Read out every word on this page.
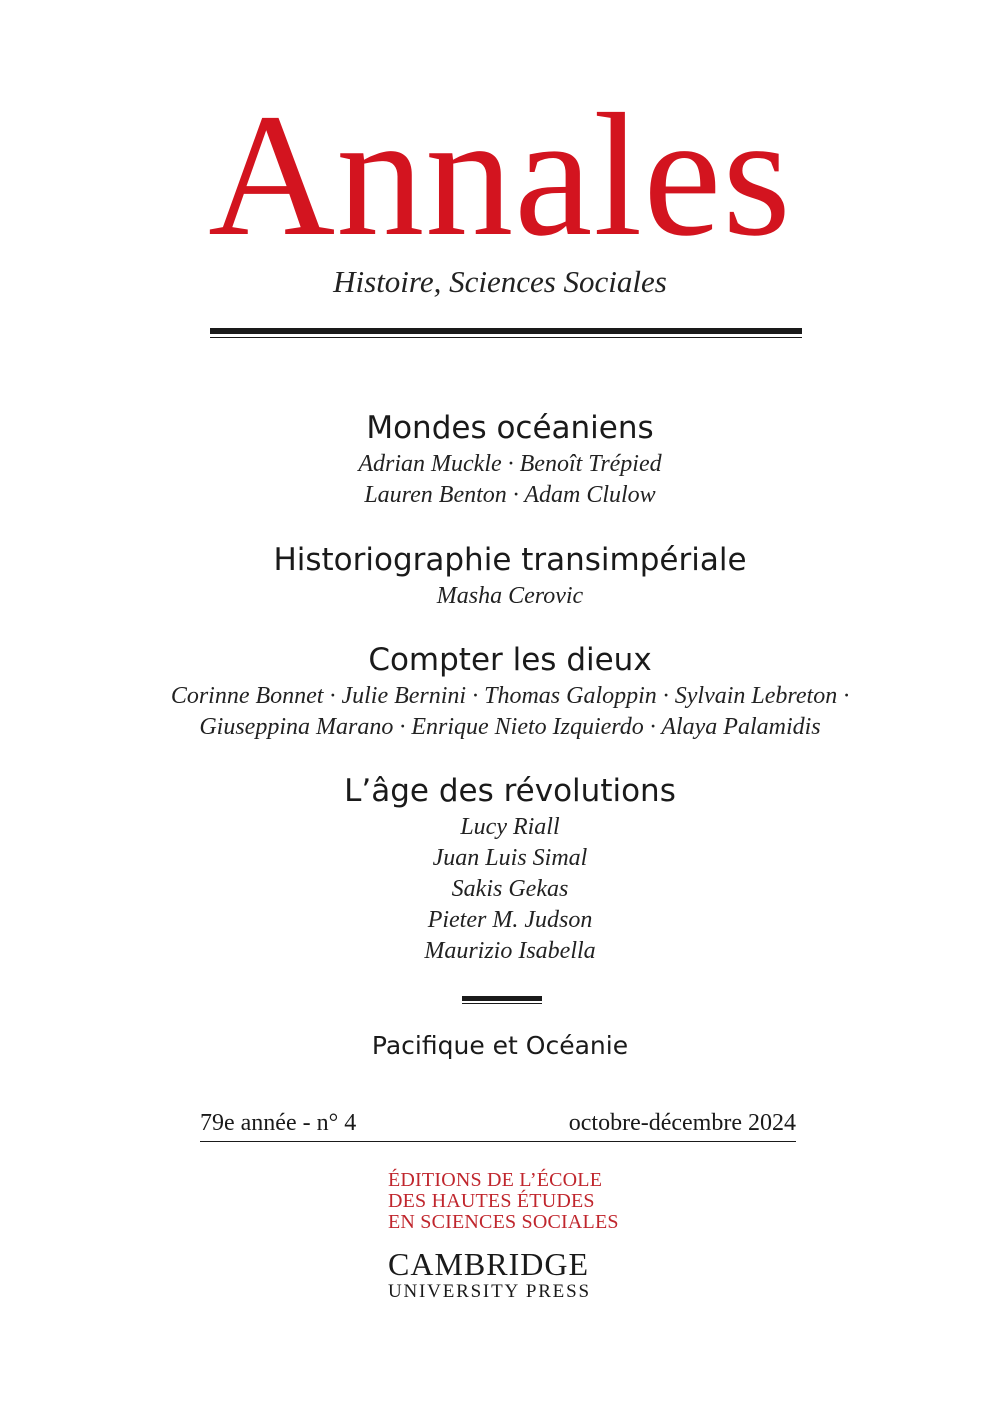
Annales
Histoire, Sciences Sociales

Mondes océaniens

Adrian Muckle · Benoît Trépied

Lauren Benton · Adam Clulow

Historiographie transimpériale

Masha Cerovic

Compter les dieux

Corinne Bonnet · Julie Bernini · Thomas Galoppin · Sylvain Lebreton ·

Giuseppina Marano · Enrique Nieto Izquierdo · Alaya Palamidis

L’âge des révolutions

Lucy Riall

Juan Luis Simal

Sakis Gekas

Pieter M. Judson

Maurizio Isabella

Pacifique et Océanie
79e année - n° 4	octobre-décembre 2024
ÉDITIONS DE L’ÉCOLE
DES HAUTES ÉTUDES
EN SCIENCES SOCIALES
CAMBRIDGE
UNIVERSITY PRESS
